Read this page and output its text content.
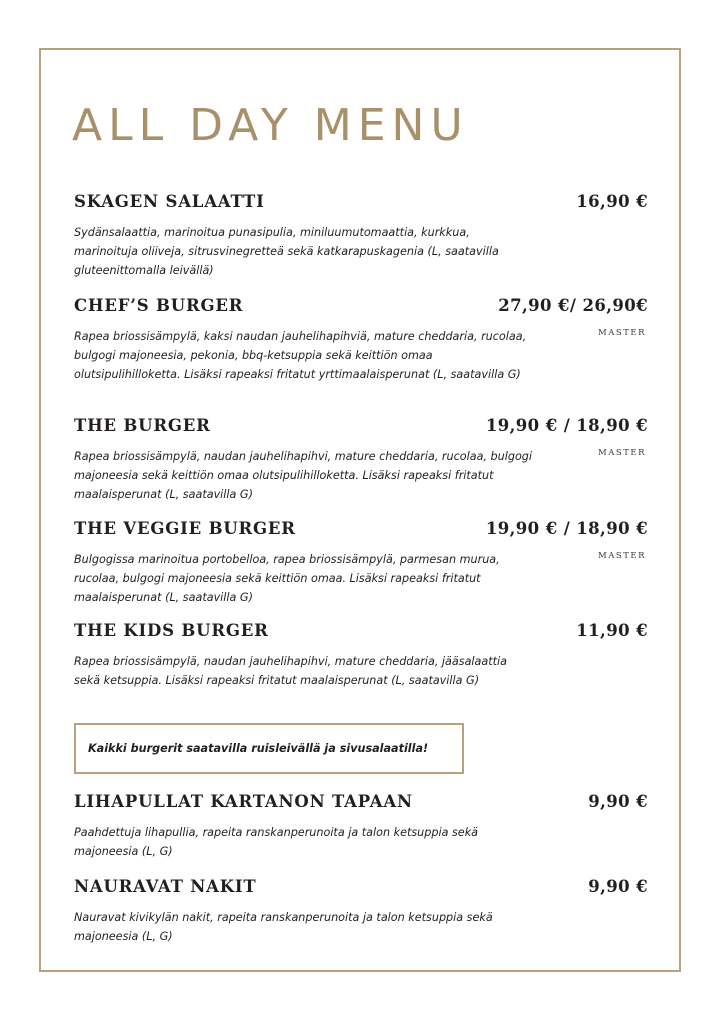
ALL DAY MENU
SKAGEN SALAATTI	16,90 €
Sydänsalaattia, marinoitua punasipulia, miniluumutomaattia, kurkkua, marinoituja oliiveja, sitrusvinegretteä sekä katkarapuskagenia (L, saatavilla gluteenittomalla leivällä)
CHEF’S BURGER	27,90 €/ 26,90€
Rapea briossisämpylä, kaksi naudan jauhelihapihviä, mature cheddaria, rucolaa, bulgogi majoneesia, pekonia, bbq-ketsuppia sekä keittiön omaa olutsipulihilloketta. Lisäksi rapeaksi fritatut yrttimaalaisperunat (L, saatavilla G)
MASTER
THE BURGER	19,90 € / 18,90 €
Rapea briossisämpylä, naudan jauhelihapihvi, mature cheddaria, rucolaa, bulgogi majoneesia sekä keittiön omaa olutsipulihilloketta. Lisäksi rapeaksi fritatut maalaisperunat (L, saatavilla G)
MASTER
THE VEGGIE BURGER	19,90 € / 18,90 €
Bulgogissa marinoitua portobelloa, rapea briossisämpylä, parmesan murua, rucolaa, bulgogi majoneesia sekä keittiön omaa. Lisäksi rapeaksi fritatut maalaisperunat (L, saatavilla G)
MASTER
THE KIDS BURGER	11,90 €
Rapea briossisämpylä, naudan jauhelihapihvi, mature cheddaria, jääsalaattia sekä ketsuppia. Lisäksi rapeaksi fritatut maalaisperunat (L, saatavilla G)
Kaikki burgerit saatavilla ruisleivällä ja sivusalaatilla!
LIHAPULLAT KARTANON TAPAAN	9,90 €
Paahdettuja lihapullia, rapeita ranskanperunoita ja talon ketsuppia sekä majoneesia (L, G)
NAURAVAT NAKIT	9,90 €
Nauravat kivikylän nakit, rapeita ranskanperunoita ja talon ketsuppia sekä majoneesia (L, G)
